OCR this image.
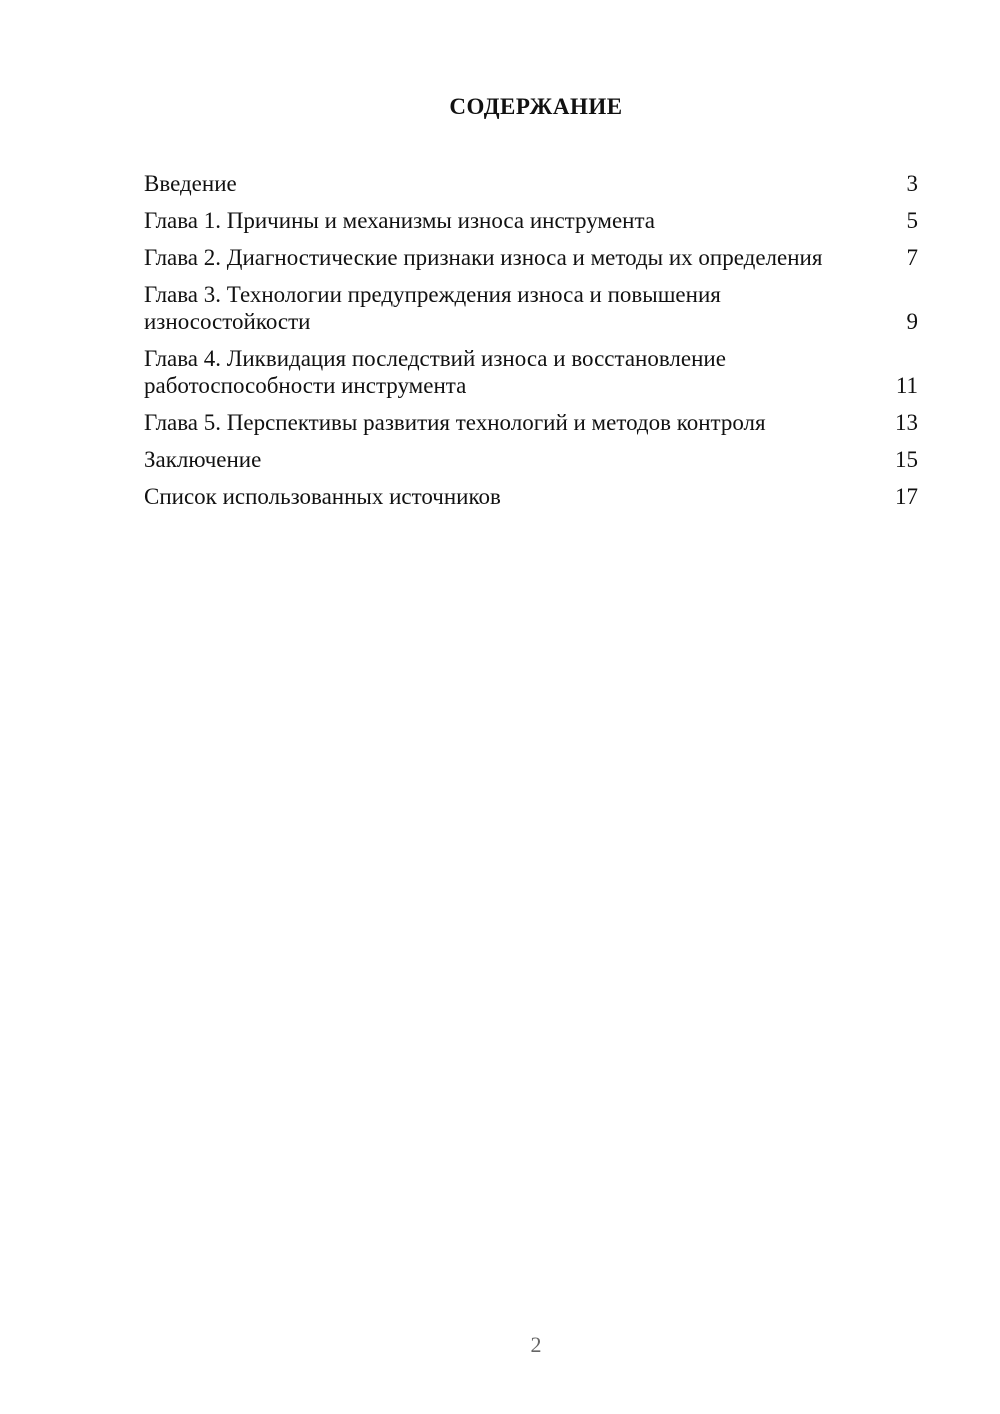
СОДЕРЖАНИЕ
Введение	3
Глава 1. Причины и механизмы износа инструмента	5
Глава 2. Диагностические признаки износа и методы их определения	7
Глава 3. Технологии предупреждения износа и повышения износостойкости	9
Глава 4. Ликвидация последствий износа и восстановление работоспособности инструмента	11
Глава 5. Перспективы развития технологий и методов контроля	13
Заключение	15
Список использованных источников	17
2
